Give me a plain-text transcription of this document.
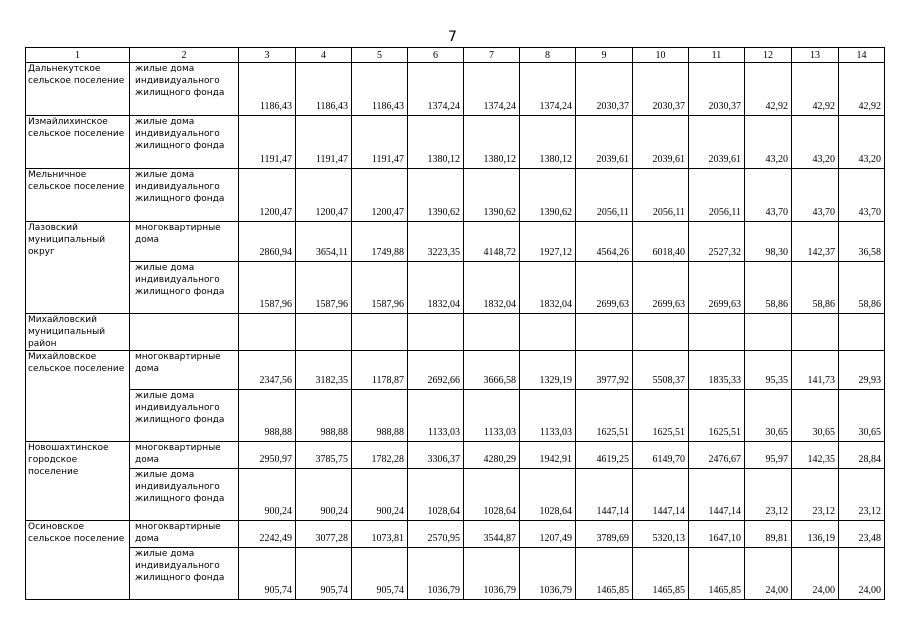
7
1	2	3	4	5	6	7	8	9	10	11	12	13	14
Дальнекутское сельское поселение	жилые дома индивидуального жилищного фонда	1186,43	1186,43	1186,43	1374,24	1374,24	1374,24	2030,37	2030,37	2030,37	42,92	42,92	42,92
Измайлихинское сельское поселение	жилые дома индивидуального жилищного фонда	1191,47	1191,47	1191,47	1380,12	1380,12	1380,12	2039,61	2039,61	2039,61	43,20	43,20	43,20
Мельничное сельское поселение	жилые дома индивидуального жилищного фонда	1200,47	1200,47	1200,47	1390,62	1390,62	1390,62	2056,11	2056,11	2056,11	43,70	43,70	43,70
Лазовский муниципальный округ	многоквартирные дома	2860,94	3654,11	1749,88	3223,35	4148,72	1927,12	4564,26	6018,40	2527,32	98,30	142,37	36,58
	жилые дома индивидуального жилищного фонда	1587,96	1587,96	1587,96	1832,04	1832,04	1832,04	2699,63	2699,63	2699,63	58,86	58,86	58,86
Михайловский муниципальный район													
Михайловское сельское поселение	многоквартирные дома	2347,56	3182,35	1178,87	2692,66	3666,58	1329,19	3977,92	5508,37	1835,33	95,35	141,73	29,93
	жилые дома индивидуального жилищного фонда	988,88	988,88	988,88	1133,03	1133,03	1133,03	1625,51	1625,51	1625,51	30,65	30,65	30,65
Новошахтинское городское поселение	многоквартирные дома	2950,97	3785,75	1782,28	3306,37	4280,29	1942,91	4619,25	6149,70	2476,67	95,97	142,35	28,84
	жилые дома индивидуального жилищного фонда	900,24	900,24	900,24	1028,64	1028,64	1028,64	1447,14	1447,14	1447,14	23,12	23,12	23,12
Осиновское сельское поселение	многоквартирные дома	2242,49	3077,28	1073,81	2570,95	3544,87	1207,49	3789,69	5320,13	1647,10	89,81	136,19	23,48
	жилые дома индивидуального жилищного фонда	905,74	905,74	905,74	1036,79	1036,79	1036,79	1465,85	1465,85	1465,85	24,00	24,00	24,00
